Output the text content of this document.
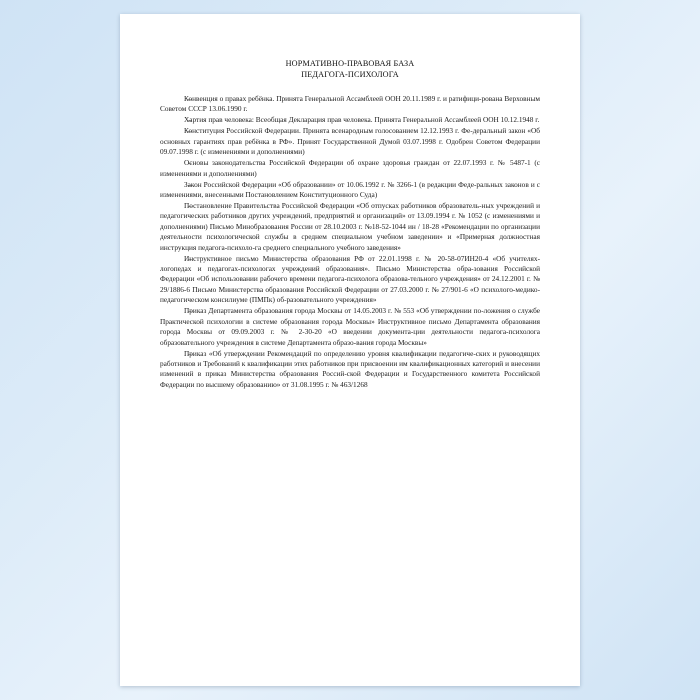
НОРМАТИВНО-ПРАВОВАЯ БАЗА
ПЕДАГОГА-ПСИХОЛОГА

– Конвенция о правах ребёнка. Принята Генеральной Ассамблеей ООН 20.11.1989 г. и ратифици-рована Верховным Советом СССР 13.06.1990 г.

– Хартия прав человека: Всеобщая Декларация прав человека. Принята Генеральной Ассамблеей ООН 10.12.1948 г.

– Конституция Российской Федерации. Принята всенародным голосованием 12.12.1993 г. Фе-деральный закон «Об основных гарантиях прав ребёнка в РФ». Принят Государственной Думой 03.07.1998 г. Одобрен Советом Федерации 09.07.1998 г. (с изменениями и дополнениями)

– Основы законодательства Российской Федерации об охране здоровья граждан от 22.07.1993 г. № 5487-1 (с изменениями и дополнениями)

– Закон Российской Федерации «Об образовании» от 10.06.1992 г. № 3266-1 (в редакции Феде-ральных законов и с изменениями, внесенными Постановлением Конституционного Суда)

– Постановление Правительства Российской Федерации «Об отпусках работников образователь-ных учреждений и педагогических работников других учреждений, предприятий и организаций» от 13.09.1994 г. № 1052 (с изменениями и дополнениями) Письмо Минобразования России от 28.10.2003 г. №18-52-1044 ин / 18-28 «Рекомендации по организации деятельности психологической службы в среднем специальном учебном заведении» и «Примерная должностная инструкция педагога-психоло-га среднего специального учебного заведения»

– Инструктивное письмо Министерства образования РФ от 22.01.1998 г. № 20-58-07ИН20-4 «Об учителях-логопедах и педагогах-психологах учреждений образования». Письмо Министерства обра-зования Российской Федерации «Об использовании рабочего времени педагога-психолога образова-тельного учреждения» от 24.12.2001 г. № 29/1886-6 Письмо Министерства образования Российской Федерации от 27.03.2000 г. № 27/901-6 «О психолого-медико-педагогическом консилиуме (ПМПк) об-разовательного учреждения»

– Приказ Департамента образования города Москвы от 14.05.2003 г. № 553 «Об утверждении по-ложения о службе Практической психологии в системе образования города Москвы» Инструктивное письмо Департамента образования города Москвы от 09.09.2003 г. № 2-30-20 «О введении документа-ции деятельности педагога-психолога образовательного учреждения в системе Департамента образо-вания города Москвы»

– Приказ «Об утверждении Рекомендаций по определению уровня квалификации педагогиче-ских и руководящих работников и Требований к квалификации этих работников при присвоении им квалификационных категорий и внесении изменений в приказ Министерства образования Россий-ской Федерации и Государственного комитета Российской Федерации по высшему образованию» от 31.08.1995 г. № 463/1268
